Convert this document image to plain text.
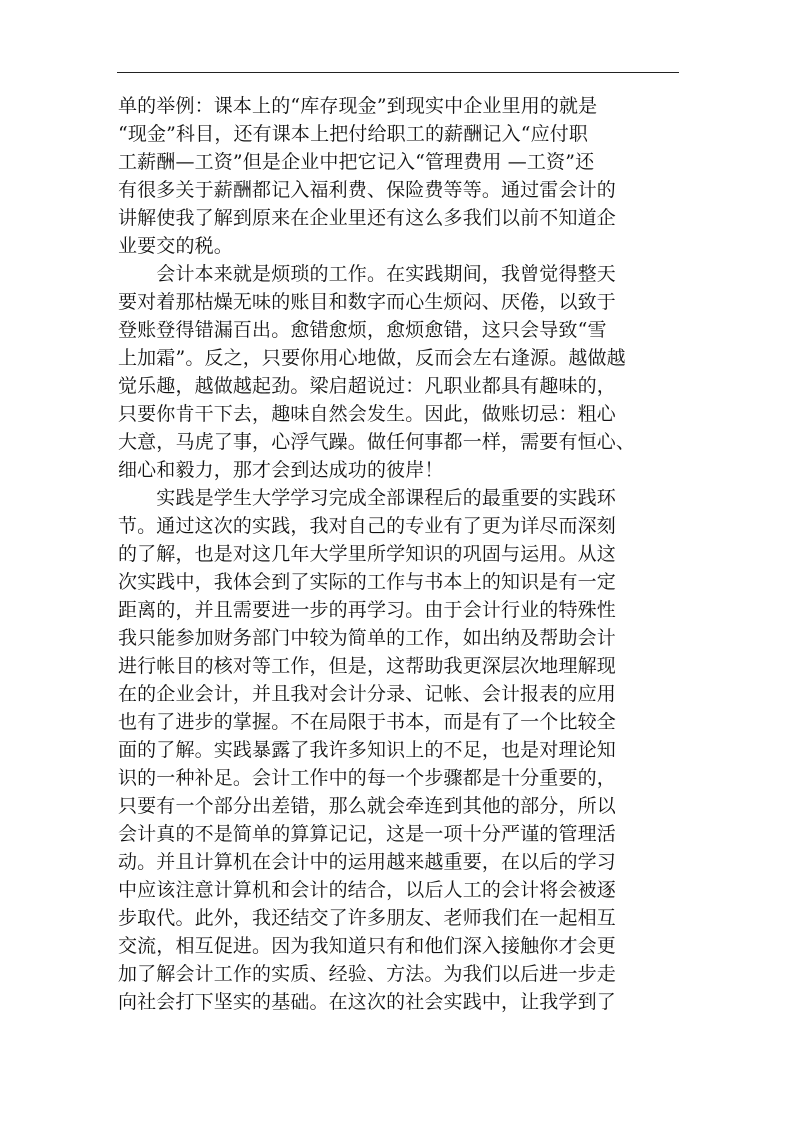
单的举例：课本上的“库存现金”到现实中企业里用的就是
“现金”科目，还有课本上把付给职工的薪酬记入“应付职
工薪酬—工资”但是企业中把它记入“管理费用 —工资”还
有很多关于薪酬都记入福利费、保险费等等。通过雷会计的
讲解使我了解到原来在企业里还有这么多我们以前不知道企
业要交的税。
　　会计本来就是烦琐的工作。在实践期间，我曾觉得整天
要对着那枯燥无味的账目和数字而心生烦闷、厌倦，以致于
登账登得错漏百出。愈错愈烦，愈烦愈错，这只会导致“雪
上加霜”。反之，只要你用心地做，反而会左右逢源。越做越
觉乐趣，越做越起劲。梁启超说过：凡职业都具有趣味的，
只要你肯干下去，趣味自然会发生。因此，做账切忌：粗心
大意，马虎了事，心浮气躁。做任何事都一样，需要有恒心、
细心和毅力，那才会到达成功的彼岸！
　　实践是学生大学学习完成全部课程后的最重要的实践环
节。通过这次的实践，我对自己的专业有了更为详尽而深刻
的了解，也是对这几年大学里所学知识的巩固与运用。从这
次实践中，我体会到了实际的工作与书本上的知识是有一定
距离的，并且需要进一步的再学习。由于会计行业的特殊性
我只能参加财务部门中较为简单的工作，如出纳及帮助会计
进行帐目的核对等工作，但是，这帮助我更深层次地理解现
在的企业会计，并且我对会计分录、记帐、会计报表的应用
也有了进步的掌握。不在局限于书本，而是有了一个比较全
面的了解。实践暴露了我许多知识上的不足，也是对理论知
识的一种补足。会计工作中的每一个步骤都是十分重要的，
只要有一个部分出差错，那么就会牵连到其他的部分，所以
会计真的不是简单的算算记记，这是一项十分严谨的管理活
动。并且计算机在会计中的运用越来越重要，在以后的学习
中应该注意计算机和会计的结合，以后人工的会计将会被逐
步取代。此外，我还结交了许多朋友、老师我们在一起相互
交流，相互促进。因为我知道只有和他们深入接触你才会更
加了解会计工作的实质、经验、方法。为我们以后进一步走
向社会打下坚实的基础。在这次的社会实践中，让我学到了
